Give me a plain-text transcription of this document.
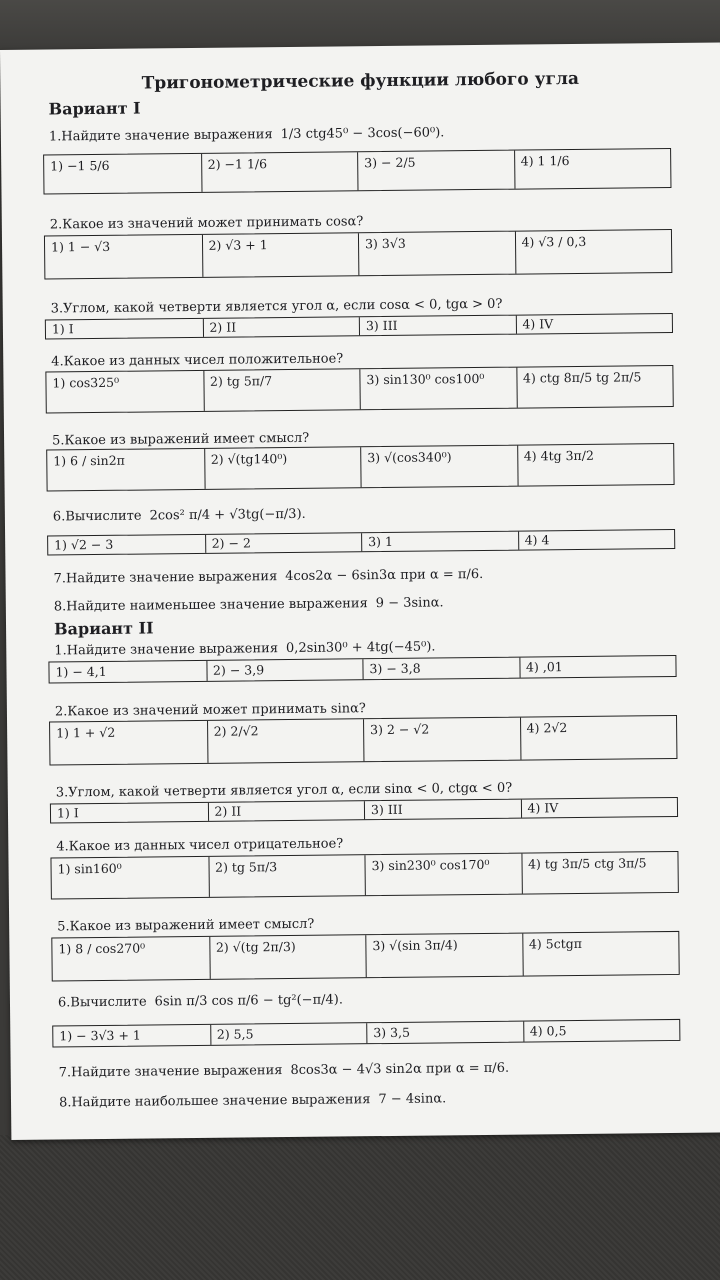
Тригонометрические функции любого угла
Вариант I
1.Найдите значение выражения 1/3 ctg45⁰ − 3cos(−60⁰).
1) −1 5/6	2) −1 1/6	3) − 2/5	4) 1 1/6
2.Какое из значений может принимать cosα?
1) 1 − √3	2) √3 + 1	3) 3√3	4) √3 / 0,3
3.Углом, какой четверти является угол α, если cosα < 0, tgα > 0?
1) I	2) II	3) III	4) IV
4.Какое из данных чисел положительное?
1) cos325⁰	2) tg 5π/7	3) sin130⁰ cos100⁰	4) ctg 8π/5 tg 2π/5
5.Какое из выражений имеет смысл?
1) 6 / sin2π	2) √(tg140⁰)	3) √(cos340⁰)	4) 4tg 3π/2
6.Вычислите 2cos² π/4 + √3tg(−π/3).
1) √2 − 3	2) − 2	3) 1	4) 4
7.Найдите значение выражения 4cos2α − 6sin3α при α = π/6.
8.Найдите наименьшее значение выражения 9 − 3sinα.
Вариант II
1.Найдите значение выражения 0,2sin30⁰ + 4tg(−45⁰).
1) − 4,1	2) − 3,9	3) − 3,8	4) ,01
2.Какое из значений может принимать sinα?
1) 1 + √2	2) 2/√2	3) 2 − √2	4) 2√2
3.Углом, какой четверти является угол α, если sinα < 0, ctgα < 0?
1) I	2) II	3) III	4) IV
4.Какое из данных чисел отрицательное?
1) sin160⁰	2) tg 5π/3	3) sin230⁰ cos170⁰	4) tg 3π/5 ctg 3π/5
5.Какое из выражений имеет смысл?
1) 8 / cos270⁰	2) √(tg 2π/3)	3) √(sin 3π/4)	4) 5ctgπ
6.Вычислите 6sin π/3 cos π/6 − tg²(−π/4).
1) − 3√3 + 1	2) 5,5	3) 3,5	4) 0,5
7.Найдите значение выражения 8cos3α − 4√3 sin2α при α = π/6.
8.Найдите наибольшее значение выражения 7 − 4sinα.
